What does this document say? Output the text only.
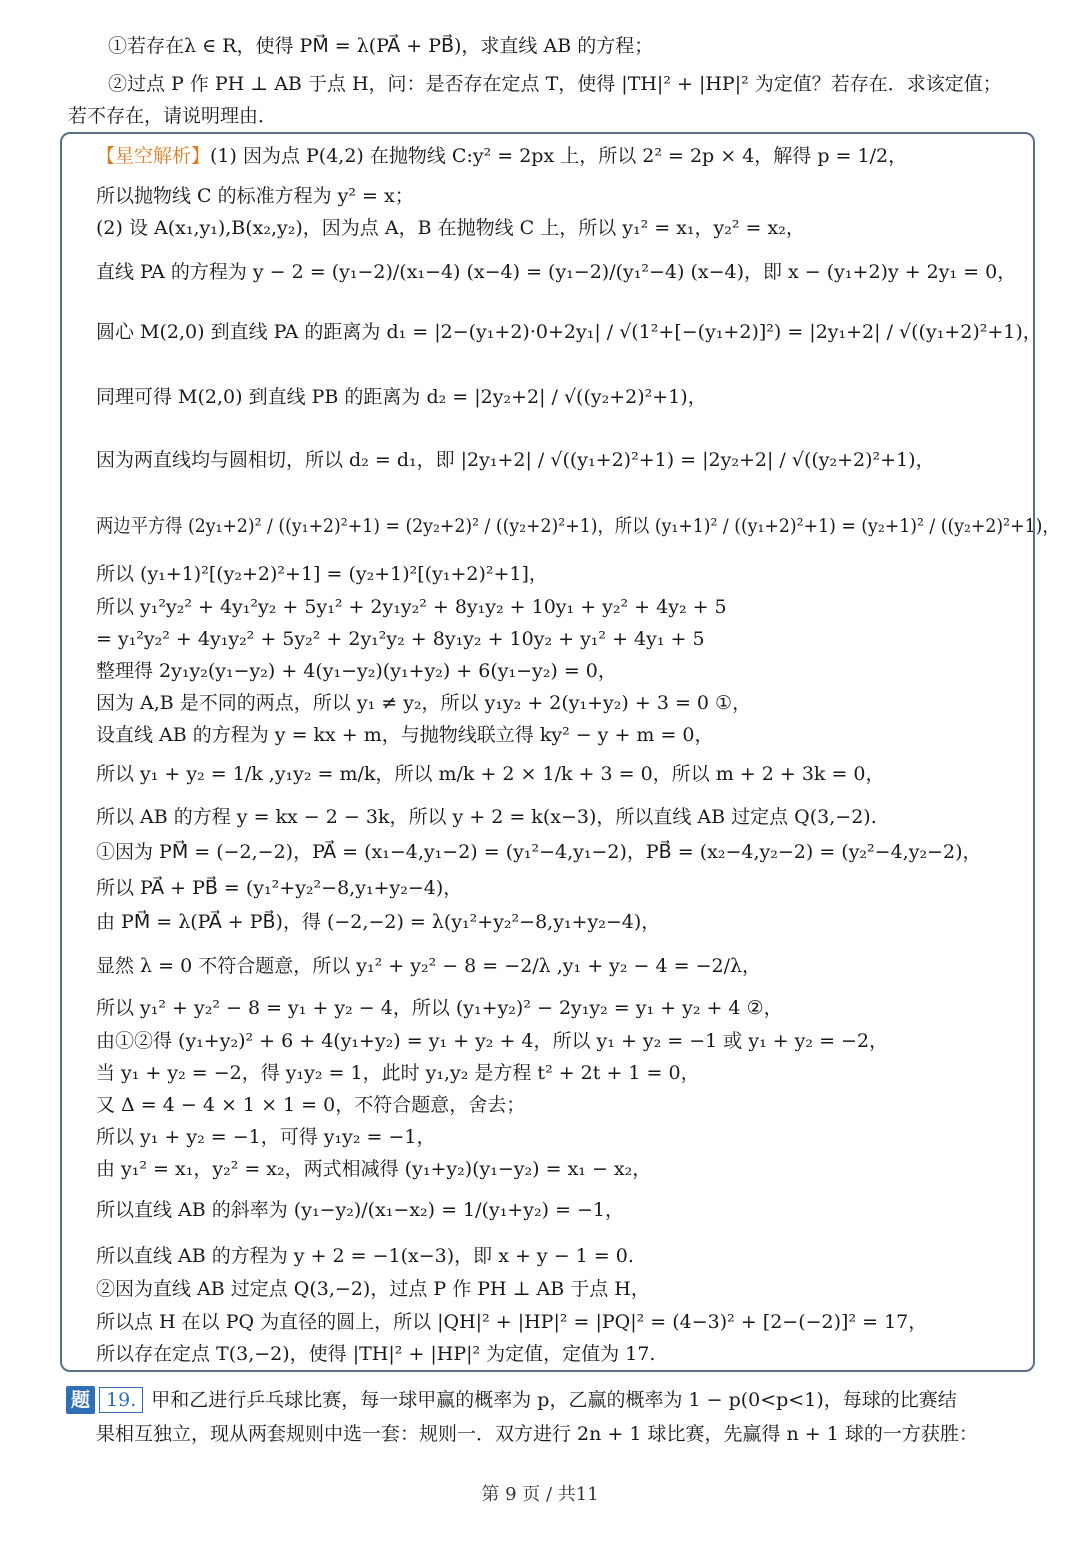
①若存在λ ∈ R，使得 PM⃗ = λ(PA⃗ + PB⃗)，求直线 AB 的方程；
②过点 P 作 PH ⊥ AB 于点 H，问：是否存在定点 T，使得 |TH|² + |HP|² 为定值？若存在．求该定值；
若不存在，请说明理由．
【星空解析】(1) 因为点 P(4,2) 在抛物线 C:y² = 2px 上，所以 2² = 2p × 4，解得 p = 1/2，
所以抛物线 C 的标准方程为 y² = x；
(2) 设 A(x₁,y₁),B(x₂,y₂)，因为点 A，B 在抛物线 C 上，所以 y₁² = x₁，y₂² = x₂，
直线 PA 的方程为 y − 2 = (y₁−2)/(x₁−4) (x−4) = (y₁−2)/(y₁²−4) (x−4)，即 x − (y₁+2)y + 2y₁ = 0，
圆心 M(2,0) 到直线 PA 的距离为 d₁ = |2−(y₁+2)·0+2y₁| / √(1²+[−(y₁+2)]²) = |2y₁+2| / √((y₁+2)²+1)，
同理可得 M(2,0) 到直线 PB 的距离为 d₂ = |2y₂+2| / √((y₂+2)²+1)，
因为两直线均与圆相切，所以 d₂ = d₁，即 |2y₁+2| / √((y₁+2)²+1) = |2y₂+2| / √((y₂+2)²+1)，
两边平方得 (2y₁+2)² / ((y₁+2)²+1) = (2y₂+2)² / ((y₂+2)²+1)，所以 (y₁+1)² / ((y₁+2)²+1) = (y₂+1)² / ((y₂+2)²+1)，
所以 (y₁+1)²[(y₂+2)²+1] = (y₂+1)²[(y₁+2)²+1]，
所以 y₁²y₂² + 4y₁²y₂ + 5y₁² + 2y₁y₂² + 8y₁y₂ + 10y₁ + y₂² + 4y₂ + 5
= y₁²y₂² + 4y₁y₂² + 5y₂² + 2y₁²y₂ + 8y₁y₂ + 10y₂ + y₁² + 4y₁ + 5
整理得 2y₁y₂(y₁−y₂) + 4(y₁−y₂)(y₁+y₂) + 6(y₁−y₂) = 0，
因为 A,B 是不同的两点，所以 y₁ ≠ y₂，所以 y₁y₂ + 2(y₁+y₂) + 3 = 0 ①，
设直线 AB 的方程为 y = kx + m，与抛物线联立得 ky² − y + m = 0，
所以 y₁ + y₂ = 1/k ,y₁y₂ = m/k，所以 m/k + 2 × 1/k + 3 = 0，所以 m + 2 + 3k = 0，
所以 AB 的方程 y = kx − 2 − 3k，所以 y + 2 = k(x−3)，所以直线 AB 过定点 Q(3,−2).
①因为 PM⃗ = (−2,−2)，PA⃗ = (x₁−4,y₁−2) = (y₁²−4,y₁−2)，PB⃗ = (x₂−4,y₂−2) = (y₂²−4,y₂−2)，
所以 PA⃗ + PB⃗ = (y₁²+y₂²−8,y₁+y₂−4)，
由 PM⃗ = λ(PA⃗ + PB⃗)，得 (−2,−2) = λ(y₁²+y₂²−8,y₁+y₂−4)，
显然 λ = 0 不符合题意，所以 y₁² + y₂² − 8 = −2/λ ,y₁ + y₂ − 4 = −2/λ，
所以 y₁² + y₂² − 8 = y₁ + y₂ − 4，所以 (y₁+y₂)² − 2y₁y₂ = y₁ + y₂ + 4 ②，
由①②得 (y₁+y₂)² + 6 + 4(y₁+y₂) = y₁ + y₂ + 4，所以 y₁ + y₂ = −1 或 y₁ + y₂ = −2，
当 y₁ + y₂ = −2，得 y₁y₂ = 1，此时 y₁,y₂ 是方程 t² + 2t + 1 = 0，
又 Δ = 4 − 4 × 1 × 1 = 0，不符合题意，舍去；
所以 y₁ + y₂ = −1，可得 y₁y₂ = −1，
由 y₁² = x₁，y₂² = x₂，两式相减得 (y₁+y₂)(y₁−y₂) = x₁ − x₂，
所以直线 AB 的斜率为 (y₁−y₂)/(x₁−x₂) = 1/(y₁+y₂) = −1，
所以直线 AB 的方程为 y + 2 = −1(x−3)，即 x + y − 1 = 0.
②因为直线 AB 过定点 Q(3,−2)，过点 P 作 PH ⊥ AB 于点 H，
所以点 H 在以 PQ 为直径的圆上，所以 |QH|² + |HP|² = |PQ|² = (4−3)² + [2−(−2)]² = 17，
所以存在定点 T(3,−2)，使得 |TH|² + |HP|² 为定值，定值为 17.
题 19. 甲和乙进行乒乓球比赛，每一球甲赢的概率为 p，乙赢的概率为 1 − p(0<p<1)，每球的比赛结
果相互独立，现从两套规则中选一套：规则一．双方进行 2n + 1 球比赛，先赢得 n + 1 球的一方获胜：
第 9 页 / 共11
